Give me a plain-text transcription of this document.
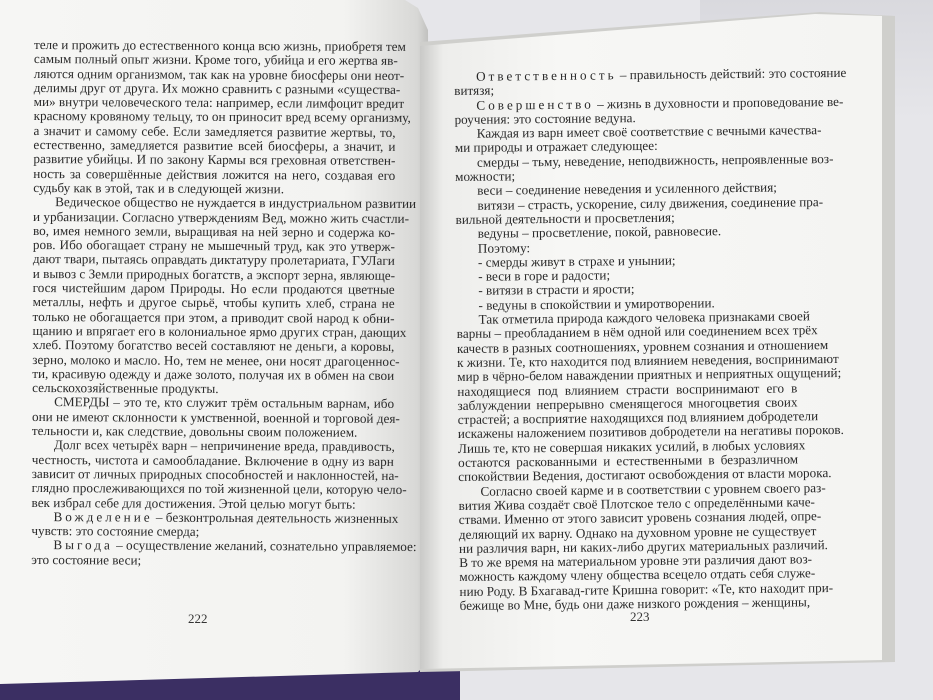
теле и прожить до естественного конца всю жизнь, приобретя тем
самым полный опыт жизни. Кроме того, убийца и его жертва яв-
ляются одним организмом, так как на уровне биосферы они неот-
делимы друг от друга. Их можно сравнить с разными «существа-
ми» внутри человеческого тела: например, если лимфоцит вредит
красному кровяному тельцу, то он приносит вред всему организму,
а значит и самому себе. Если замедляется развитие жертвы, то,
естественно, замедляется развитие всей биосферы, а значит, и
развитие убийцы. И по закону Кармы вся греховная ответствен-
ность за совершённые действия ложится на него, создавая его
судьбу как в этой, так и в следующей жизни.
Ведическое общество не нуждается в индустриальном развитии
и урбанизации. Согласно утверждениям Вед, можно жить счастли-
во, имея немного земли, выращивая на ней зерно и содержа ко-
ров. Ибо обогащает страну не мышечный труд, как это утверж-
дают твари, пытаясь оправдать диктатуру пролетариата, ГУЛаги
и вывоз с Земли природных богатств, а экспорт зерна, являюще-
гося чистейшим даром Природы. Но если продаются цветные
металлы, нефть и другое сырьё, чтобы купить хлеб, страна не
только не обогащается при этом, а приводит свой народ к обни-
щанию и впрягает его в колониальное ярмо других стран, дающих
хлеб. Поэтому богатство весей составляют не деньги, а коровы,
зерно, молоко и масло. Но, тем не менее, они носят драгоценнос-
ти, красивую одежду и даже золото, получая их в обмен на свои
сельскохозяйственные продукты.
СМЕРДЫ – это те, кто служит трём остальным варнам, ибо
они не имеют склонности к умственной, военной и торговой дея-
тельности и, как следствие, довольны своим положением.
Долг всех четырёх варн – непричинение вреда, правдивость,
честность, чистота и самообладание. Включение в одну из варн
зависит от личных природных способностей и наклонностей, на-
глядно прослеживающихся по той жизненной цели, которую чело-
век избрал себе для достижения. Этой целью могут быть:
Вожделение – безконтрольная деятельность жизненных
чувств: это состояние смерда;
Выгода – осуществление желаний, сознательно управляемое:
это состояние веси;
Ответственность – правильность действий: это состояние
витязя;
Совершенство – жизнь в духовности и проповедование ве-
роучения: это состояние ведуна.
Каждая из варн имеет своё соответствие с вечными качества-
ми природы и отражает следующее:
смерды – тьму, неведение, неподвижность, непроявленные воз-
можности;
веси – соединение неведения и усиленного действия;
витязи – страсть, ускорение, силу движения, соединение пра-
вильной деятельности и просветления;
ведуны – просветление, покой, равновесие.
Поэтому:
- смерды живут в страхе и унынии;
- веси в горе и радости;
- витязи в страсти и ярости;
- ведуны в спокойствии и умиротворении.
Так отметила природа каждого человека признаками своей
варны – преобладанием в нём одной или соединением всех трёх
качеств в разных соотношениях, уровнем сознания и отношением
к жизни. Те, кто находится под влиянием неведения, воспринимают
мир в чёрно-белом наваждении приятных и неприятных ощущений;
находящиеся под влиянием страсти воспринимают его в
заблуждении непрерывно сменящегося многоцветия своих
страстей; а восприятие находящихся под влиянием добродетели
искажены наложением позитивов добродетели на негативы пороков.
Лишь те, кто не совершая никаких усилий, в любых условиях
остаются раскованными и естественными в безразличном
спокойствии Ведения, достигают освобождения от власти морока.
Согласно своей карме и в соответствии с уровнем своего раз-
вития Жива создаёт своё Плотское тело с определёнными каче-
ствами. Именно от этого зависит уровень сознания людей, опре-
деляющий их варну. Однако на духовном уровне не существует
ни различия варн, ни каких-либо других материальных различий.
В то же время на материальном уровне эти различия дают воз-
можность каждому члену общества всецело отдать себя служе-
нию Роду. В Бхагавад-гите Кришна говорит: «Те, кто находит при-
бежище во Мне, будь они даже низкого рождения – женщины,
222	223
